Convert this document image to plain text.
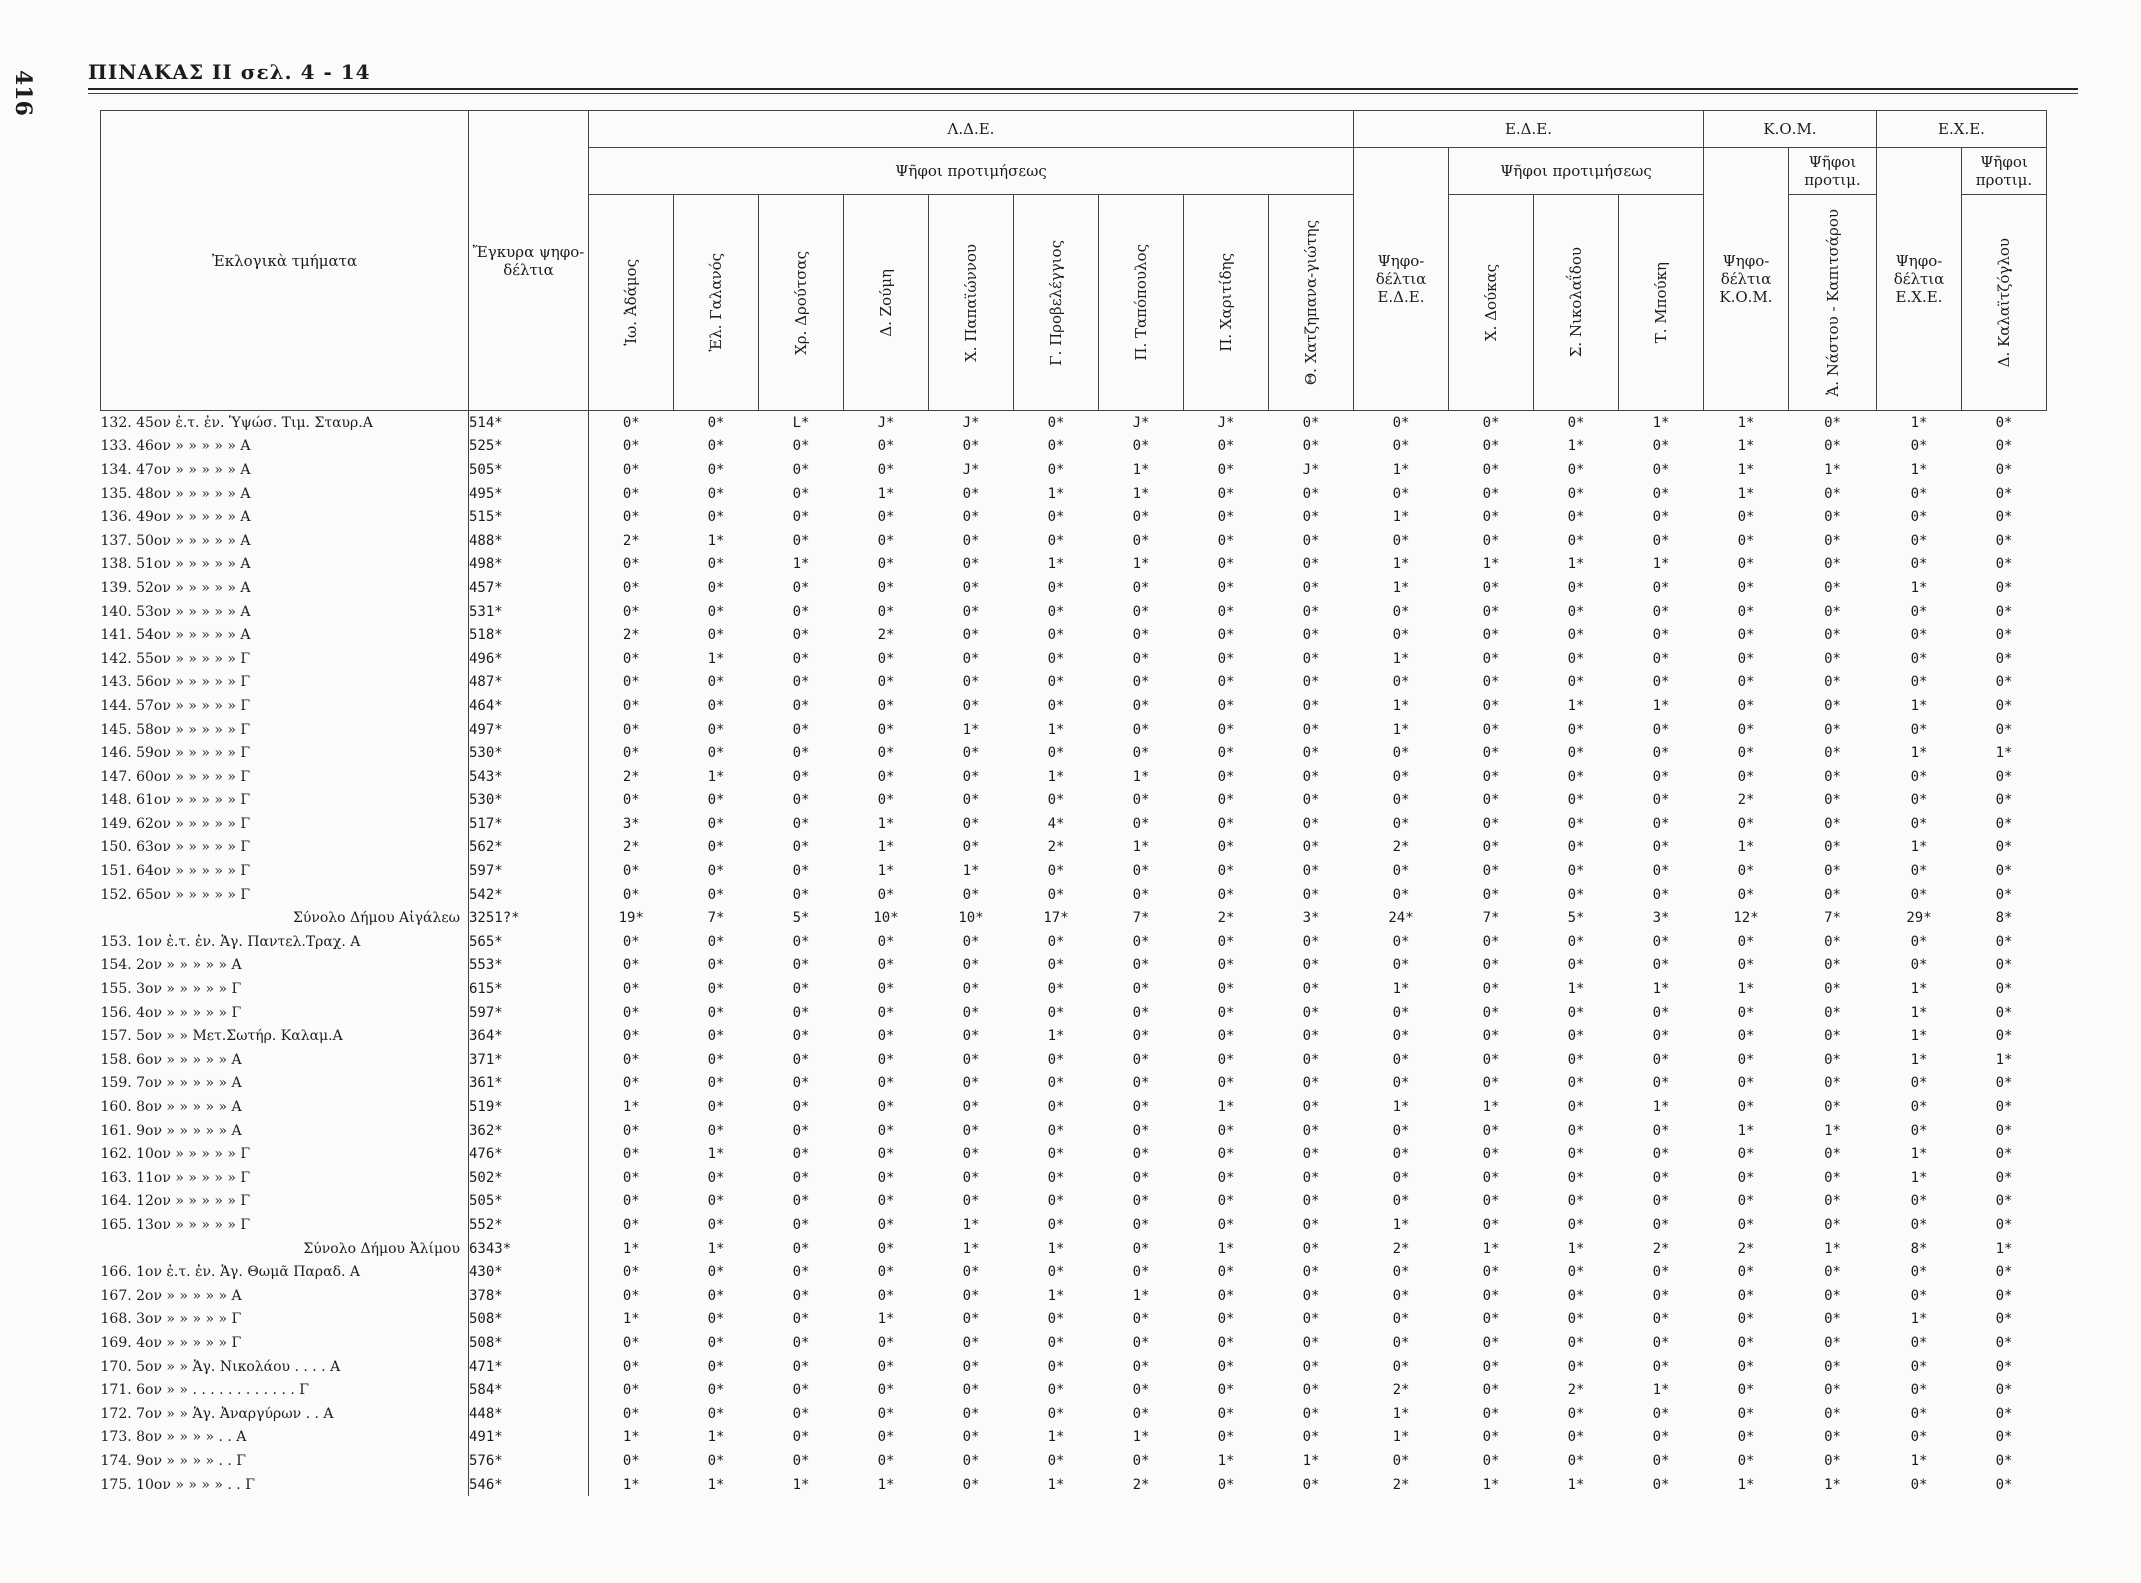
416	ΠΙΝΑΚΑΣ II σελ. 4 - 14
Ἐκλογικὰ τμήματα	Ἔγκυρα ψηφο-δέλτια	Λ.Δ.Ε.									Ε.Δ.Ε.				Κ.Ο.Μ.		Ε.Χ.Ε.	
		Ψῆφοι προτιμήσεως									Ψηφο-δέλτια Ε.Δ.Ε.	Ψῆφοι προτιμήσεως			Ψηφο-δέλτια Κ.Ο.Μ.	Ψῆφοι προτιμ.	Ψηφο-δέλτια Ε.Χ.Ε.	Ψῆφοι προτιμ.

		Ἰω. Ἀδάμος	Ἐλ. Γαλανός	Χρ. Δρούτσας	Δ. Ζούμη	Χ. Παπαϊώννου	Γ. Προβελέγγιος	Π. Ταπόπουλος	Π. Χαριτίδης	Θ. Χατζηπανα-γιώτης		Χ. Δούκας	Σ. Νικολαΐδου	Τ. Μπούκη		Ἀ. Νάστου - Καπιτσάρου		Δ. Καλαϊτζόγλου

132. 45ον ἐ.τ. ἐν. Ὑψώσ. Τιμ. Σταυρ.Α	514*	0*	0*	L*	J*	J*	0*	J*	J*	0*	0*	0*	0*	1*	1*	0*	1*	0*
133. 46ον » » » » » Α	525*	0*	0*	0*	0*	0*	0*	0*	0*	0*	0*	0*	1*	0*	1*	0*	0*	0*
134. 47ον » » » » » Α	505*	0*	0*	0*	0*	J*	0*	1*	0*	J*	1*	0*	0*	0*	1*	1*	1*	0*
135. 48ον » » » » » Α	495*	0*	0*	0*	1*	0*	1*	1*	0*	0*	0*	0*	0*	0*	1*	0*	0*	0*
136. 49ον » » » » » Α	515*	0*	0*	0*	0*	0*	0*	0*	0*	0*	1*	0*	0*	0*	0*	0*	0*	0*
137. 50ον » » » » » Α	488*	2*	1*	0*	0*	0*	0*	0*	0*	0*	0*	0*	0*	0*	0*	0*	0*	0*
138. 51ον » » » » » Α	498*	0*	0*	1*	0*	0*	1*	1*	0*	0*	1*	1*	1*	1*	0*	0*	0*	0*
139. 52ον » » » » » Α	457*	0*	0*	0*	0*	0*	0*	0*	0*	0*	1*	0*	0*	0*	0*	0*	1*	0*
140. 53ον » » » » » Α	531*	0*	0*	0*	0*	0*	0*	0*	0*	0*	0*	0*	0*	0*	0*	0*	0*	0*
141. 54ον » » » » » Α	518*	2*	0*	0*	2*	0*	0*	0*	0*	0*	0*	0*	0*	0*	0*	0*	0*	0*
142. 55ον » » » » » Γ	496*	0*	1*	0*	0*	0*	0*	0*	0*	0*	1*	0*	0*	0*	0*	0*	0*	0*
143. 56ον » » » » » Γ	487*	0*	0*	0*	0*	0*	0*	0*	0*	0*	0*	0*	0*	0*	0*	0*	0*	0*
144. 57ον » » » » » Γ	464*	0*	0*	0*	0*	0*	0*	0*	0*	0*	1*	0*	1*	1*	0*	0*	1*	0*
145. 58ον » » » » » Γ	497*	0*	0*	0*	0*	1*	1*	0*	0*	0*	1*	0*	0*	0*	0*	0*	0*	0*
146. 59ον » » » » » Γ	530*	0*	0*	0*	0*	0*	0*	0*	0*	0*	0*	0*	0*	0*	0*	0*	1*	1*
147. 60ον » » » » » Γ	543*	2*	1*	0*	0*	0*	1*	1*	0*	0*	0*	0*	0*	0*	0*	0*	0*	0*
148. 61ον » » » » » Γ	530*	0*	0*	0*	0*	0*	0*	0*	0*	0*	0*	0*	0*	0*	2*	0*	0*	0*
149. 62ον » » » » » Γ	517*	3*	0*	0*	1*	0*	4*	0*	0*	0*	0*	0*	0*	0*	0*	0*	0*	0*
150. 63ον » » » » » Γ	562*	2*	0*	0*	1*	0*	2*	1*	0*	0*	2*	0*	0*	0*	1*	0*	1*	0*
151. 64ον » » » » » Γ	597*	0*	0*	0*	1*	1*	0*	0*	0*	0*	0*	0*	0*	0*	0*	0*	0*	0*
152. 65ον » » » » » Γ	542*	0*	0*	0*	0*	0*	0*	0*	0*	0*	0*	0*	0*	0*	0*	0*	0*	0*
Σύνολο Δήμου Αἰγάλεω	3251?*	19*	7*	5*	10*	10*	17*	7*	2*	3*	24*	7*	5*	3*	12*	7*	29*	8*
153. 1ον ἐ.τ. ἐν. Ἁγ. Παντελ.Τραχ. Α	565*	0*	0*	0*	0*	0*	0*	0*	0*	0*	0*	0*	0*	0*	0*	0*	0*	0*
154. 2ον » » » » » Α	553*	0*	0*	0*	0*	0*	0*	0*	0*	0*	0*	0*	0*	0*	0*	0*	0*	0*
155. 3ον » » » » » Γ	615*	0*	0*	0*	0*	0*	0*	0*	0*	0*	1*	0*	1*	1*	1*	0*	1*	0*
156. 4ον » » » » » Γ	597*	0*	0*	0*	0*	0*	0*	0*	0*	0*	0*	0*	0*	0*	0*	0*	1*	0*
157. 5ον » » Μετ.Σωτήρ. Καλαμ.Α	364*	0*	0*	0*	0*	0*	1*	0*	0*	0*	0*	0*	0*	0*	0*	0*	1*	0*
158. 6ον » » » » » Α	371*	0*	0*	0*	0*	0*	0*	0*	0*	0*	0*	0*	0*	0*	0*	0*	1*	1*
159. 7ον » » » » » Α	361*	0*	0*	0*	0*	0*	0*	0*	0*	0*	0*	0*	0*	0*	0*	0*	0*	0*
160. 8ον » » » » » Α	519*	1*	0*	0*	0*	0*	0*	0*	1*	0*	1*	1*	0*	1*	0*	0*	0*	0*
161. 9ον » » » » » Α	362*	0*	0*	0*	0*	0*	0*	0*	0*	0*	0*	0*	0*	0*	1*	1*	0*	0*
162. 10ον » » » » » Γ	476*	0*	1*	0*	0*	0*	0*	0*	0*	0*	0*	0*	0*	0*	0*	0*	1*	0*
163. 11ον » » » » » Γ	502*	0*	0*	0*	0*	0*	0*	0*	0*	0*	0*	0*	0*	0*	0*	0*	1*	0*
164. 12ον » » » » » Γ	505*	0*	0*	0*	0*	0*	0*	0*	0*	0*	0*	0*	0*	0*	0*	0*	0*	0*
165. 13ον » » » » » Γ	552*	0*	0*	0*	0*	1*	0*	0*	0*	0*	1*	0*	0*	0*	0*	0*	0*	0*
Σύνολο Δήμου Ἀλίμου	6343*	1*	1*	0*	0*	1*	1*	0*	1*	0*	2*	1*	1*	2*	2*	1*	8*	1*
166. 1ον ἐ.τ. ἐν. Ἁγ. Θωμᾶ Παραδ. Α	430*	0*	0*	0*	0*	0*	0*	0*	0*	0*	0*	0*	0*	0*	0*	0*	0*	0*
167. 2ον » » » » » Α	378*	0*	0*	0*	0*	0*	1*	1*	0*	0*	0*	0*	0*	0*	0*	0*	0*	0*
168. 3ον » » » » » Γ	508*	1*	0*	0*	1*	0*	0*	0*	0*	0*	0*	0*	0*	0*	0*	0*	1*	0*
169. 4ον » » » » » Γ	508*	0*	0*	0*	0*	0*	0*	0*	0*	0*	0*	0*	0*	0*	0*	0*	0*	0*
170. 5ον » » Ἁγ. Νικολάου . . . . Α	471*	0*	0*	0*	0*	0*	0*	0*	0*	0*	0*	0*	0*	0*	0*	0*	0*	0*
171. 6ον » » . . . . . . . . . . . . Γ	584*	0*	0*	0*	0*	0*	0*	0*	0*	0*	2*	0*	2*	1*	0*	0*	0*	0*
172. 7ον » » Ἁγ. Ἀναργύρων . . Α	448*	0*	0*	0*	0*	0*	0*	0*	0*	0*	1*	0*	0*	0*	0*	0*	0*	0*
173. 8ον » » » » . . Α	491*	1*	1*	0*	0*	0*	1*	1*	0*	0*	1*	0*	0*	0*	0*	0*	0*	0*
174. 9ον » » » » . . Γ	576*	0*	0*	0*	0*	0*	0*	0*	1*	1*	0*	0*	0*	0*	0*	0*	1*	0*
175. 10ον » » » » . . Γ	546*	1*	1*	1*	1*	0*	1*	2*	0*	0*	2*	1*	1*	0*	1*	1*	0*	0*
